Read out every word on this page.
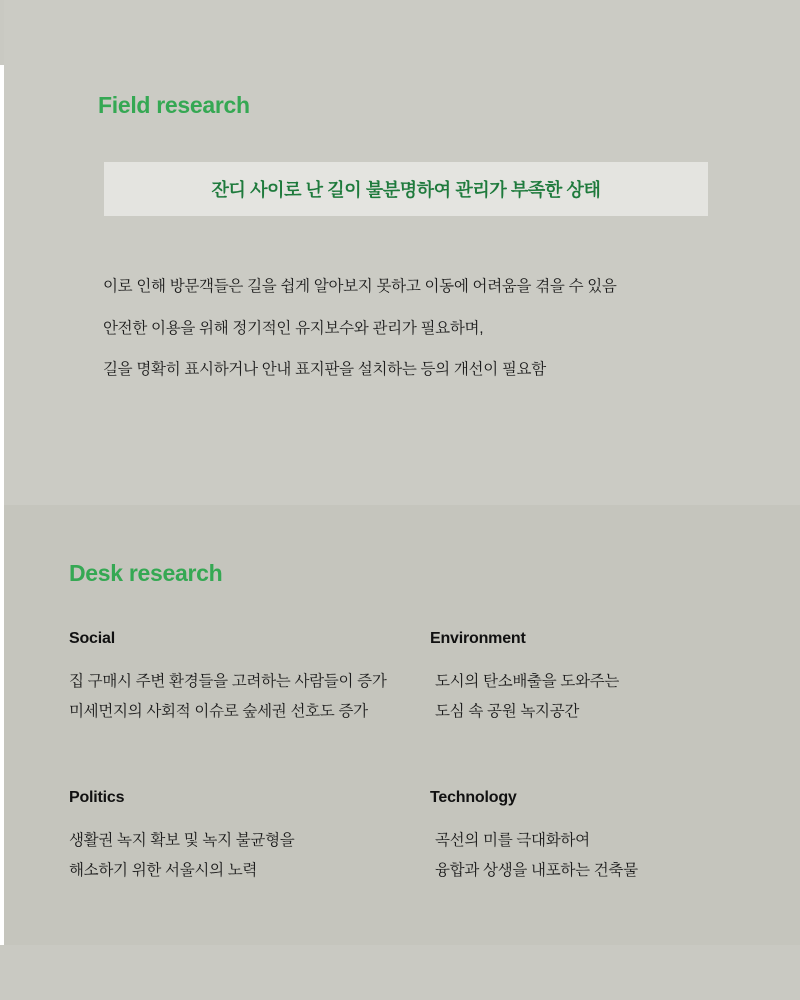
Field research
잔디 사이로 난 길이 불분명하여 관리가 부족한 상태
이로 인해 방문객들은 길을 쉽게 알아보지 못하고 이동에 어려움을 겪을 수 있음
안전한 이용을 위해 정기적인 유지보수와 관리가 필요하며,
길을 명확히 표시하거나 안내 표지판을 설치하는 등의 개선이 필요함
Desk research
Social
집 구매시 주변 환경들을 고려하는 사람들이 증가
미세먼지의 사회적 이슈로 숲세권 선호도 증가
Environment
도시의 탄소배출을 도와주는
도심 속 공원 녹지공간
Politics
생활권 녹지 확보 및 녹지 불균형을
해소하기 위한 서울시의 노력
Technology
곡선의 미를 극대화하여
융합과 상생을 내포하는 건축물
